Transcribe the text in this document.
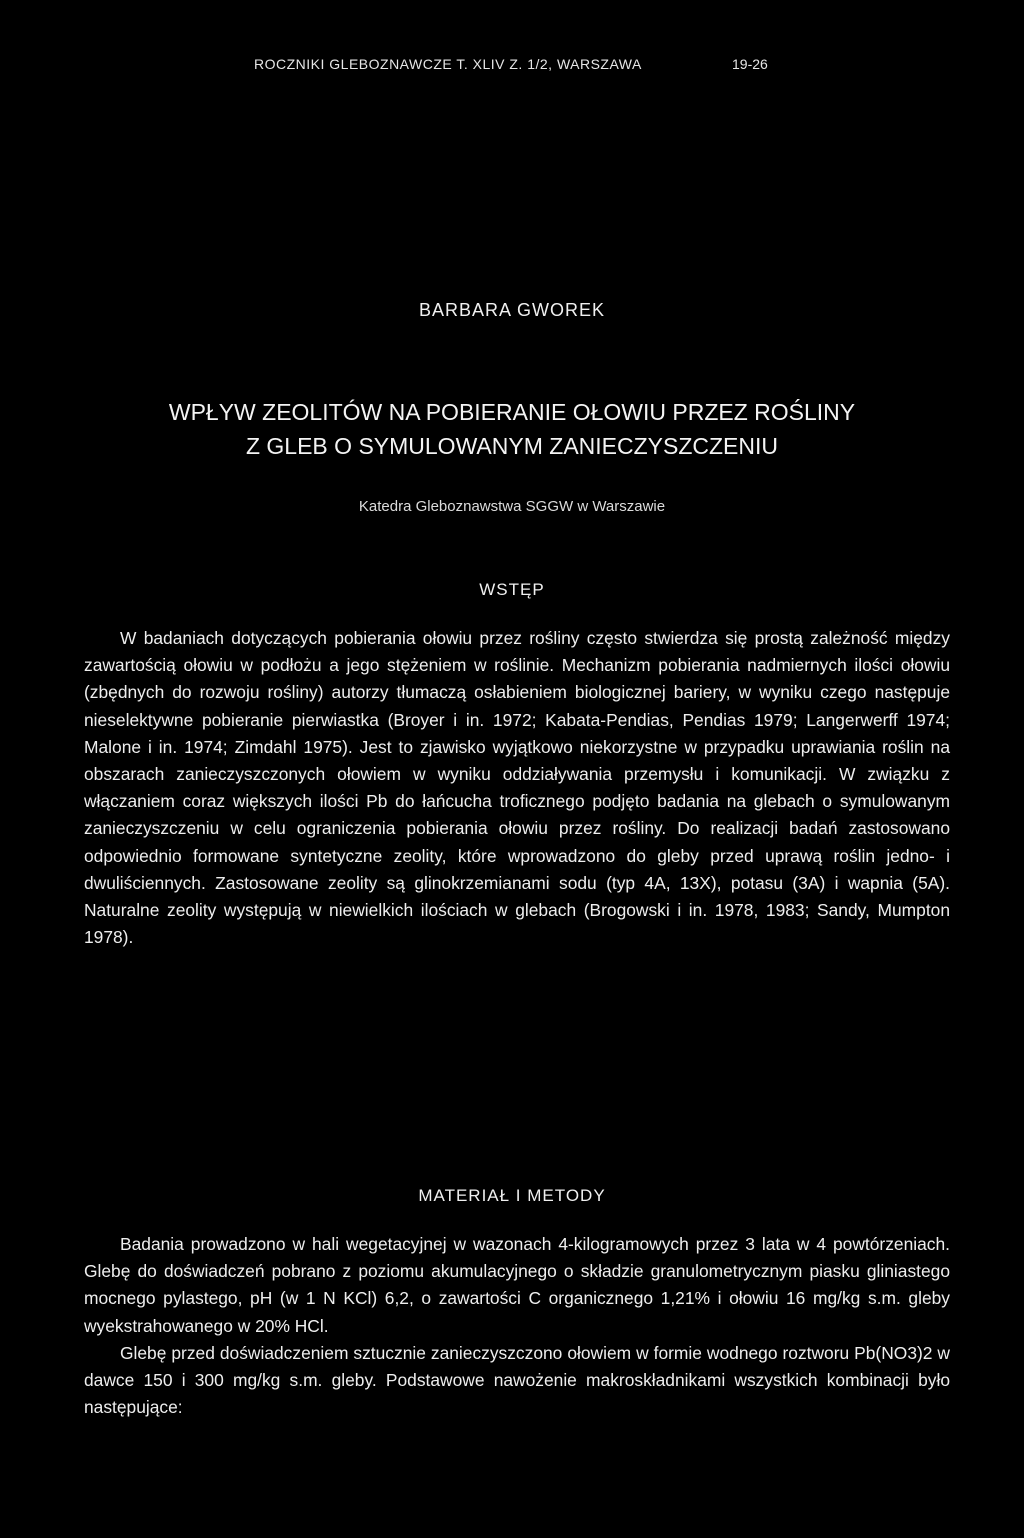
ROCZNIKI GLEBOZNAWCZE T. XLIV Z. 1/2, WARSZAWA	19-26
BARBARA GWOREK
WPŁYW ZEOLITÓW NA POBIERANIE OŁOWIU PRZEZ ROŚLINY
Z GLEB O SYMULOWANYM ZANIECZYSZCZENIU
Katedra Gleboznawstwa SGGW w Warszawie
WSTĘP

W badaniach dotyczących pobierania ołowiu przez rośliny często stwierdza się prostą zależność między zawartością ołowiu w podłożu a jego stężeniem w roślinie. Mechanizm pobierania nadmiernych ilości ołowiu (zbędnych do rozwoju rośliny) autorzy tłumaczą osłabieniem biologicznej bariery, w wyniku czego następuje nieselektywne pobieranie pierwiastka (Broyer i in. 1972; Kabata-Pendias, Pendias 1979; Langerwerff 1974; Malone i in. 1974; Zimdahl 1975). Jest to zjawisko wyjątkowo niekorzystne w przypadku uprawiania roślin na obszarach zanieczyszczonych ołowiem w wyniku oddziaływania przemysłu i komunikacji. W związku z włączaniem coraz większych ilości Pb do łańcucha troficznego podjęto badania na glebach o symulowanym zanieczyszczeniu w celu ograniczenia pobierania ołowiu przez rośliny. Do realizacji badań zastosowano odpowiednio formowane syntetyczne zeolity, które wprowadzono do gleby przed uprawą roślin jedno- i dwuliściennych. Zastosowane zeolity są glinokrzemianami sodu (typ 4A, 13X), potasu (3A) i wapnia (5A). Naturalne zeolity występują w niewielkich ilościach w glebach (Brogowski i in. 1978, 1983; Sandy, Mumpton 1978).

MATERIAŁ I METODY

Badania prowadzono w hali wegetacyjnej w wazonach 4-kilogramowych przez 3 lata w 4 powtórzeniach. Glebę do doświadczeń pobrano z poziomu akumulacyjnego o składzie granulometrycznym piasku gliniastego mocnego pylastego, pH (w 1 N KCl) 6,2, o zawartości C organicznego 1,21% i ołowiu 16 mg/kg s.m. gleby wyekstrahowanego w 20% HCl.

Glebę przed doświadczeniem sztucznie zanieczyszczono ołowiem w formie wodnego roztworu Pb(NO3)2 w dawce 150 i 300 mg/kg s.m. gleby. Podstawowe nawożenie makroskładnikami wszystkich kombinacji było następujące:
